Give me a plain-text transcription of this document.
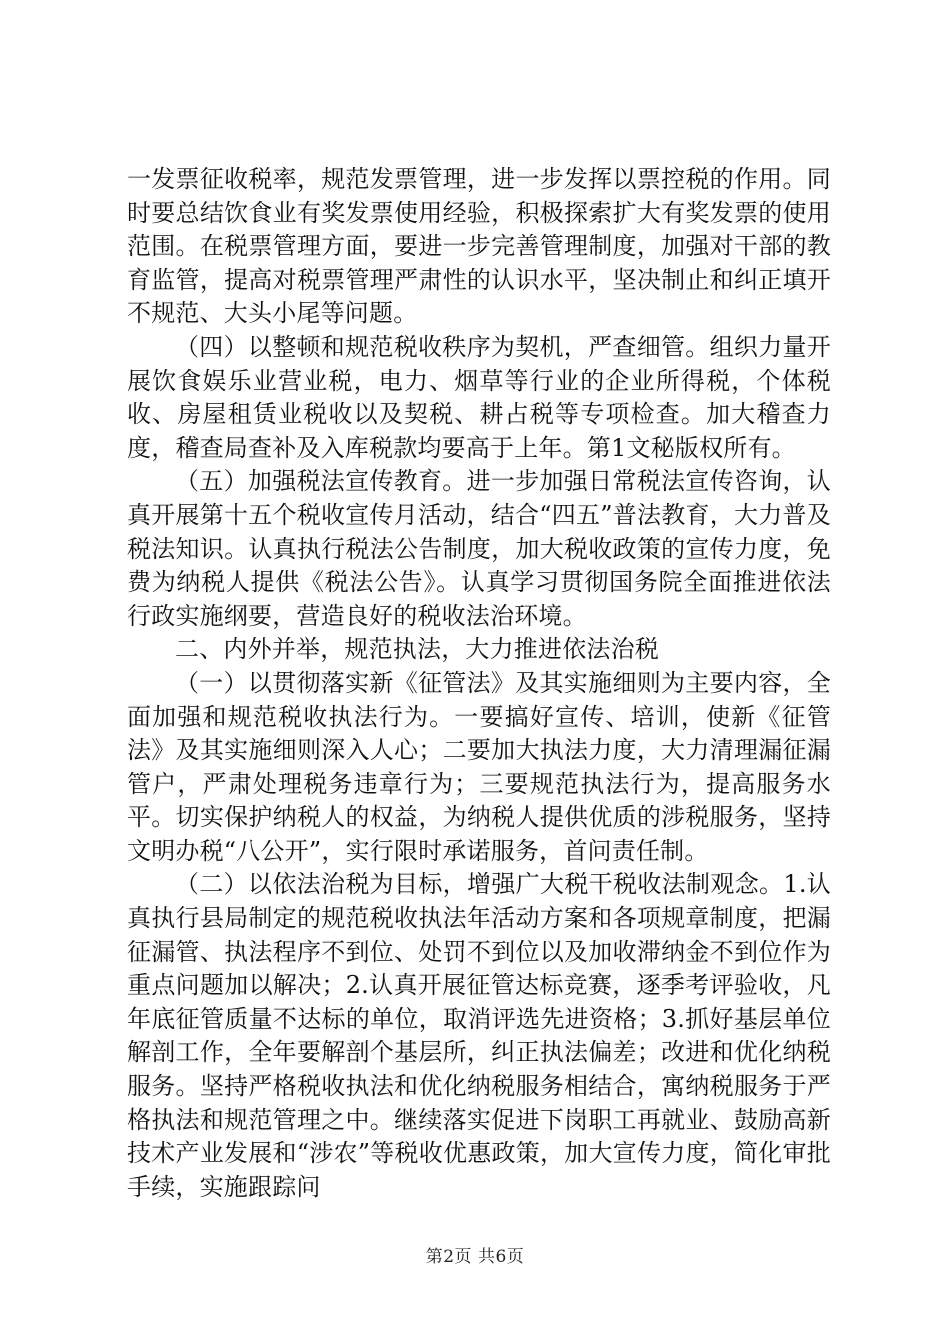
一发票征收税率，规范发票管理，进一步发挥以票控税的作用。同时要总结饮食业有奖发票使用经验，积极探索扩大有奖发票的使用范围。在税票管理方面，要进一步完善管理制度，加强对干部的教育监管，提高对税票管理严肃性的认识水平，坚决制止和纠正填开不规范、大头小尾等问题。

（四）以整顿和规范税收秩序为契机，严查细管。组织力量开展饮食娱乐业营业税，电力、烟草等行业的企业所得税，个体税收、房屋租赁业税收以及契税、耕占税等专项检查。加大稽查力度，稽查局查补及入库税款均要高于上年。第1文秘版权所有。

（五）加强税法宣传教育。进一步加强日常税法宣传咨询，认真开展第十五个税收宣传月活动，结合“四五”普法教育，大力普及税法知识。认真执行税法公告制度，加大税收政策的宣传力度，免费为纳税人提供《税法公告》。认真学习贯彻国务院全面推进依法行政实施纲要，营造良好的税收法治环境。

二、内外并举，规范执法，大力推进依法治税

（一）以贯彻落实新《征管法》及其实施细则为主要内容，全面加强和规范税收执法行为。一要搞好宣传、培训，使新《征管法》及其实施细则深入人心；二要加大执法力度，大力清理漏征漏管户，严肃处理税务违章行为；三要规范执法行为，提高服务水平。切实保护纳税人的权益，为纳税人提供优质的涉税服务，坚持文明办税“八公开”，实行限时承诺服务，首问责任制。

（二）以依法治税为目标，增强广大税干税收法制观念。1.认真执行县局制定的规范税收执法年活动方案和各项规章制度，把漏征漏管、执法程序不到位、处罚不到位以及加收滞纳金不到位作为重点问题加以解决；2.认真开展征管达标竞赛，逐季考评验收，凡年底征管质量不达标的单位，取消评选先进资格；3.抓好基层单位解剖工作，全年要解剖个基层所，纠正执法偏差；改进和优化纳税服务。坚持严格税收执法和优化纳税服务相结合，寓纳税服务于严格执法和规范管理之中。继续落实促进下岗职工再就业、鼓励高新技术产业发展和“涉农”等税收优惠政策，加大宣传力度，简化审批手续，实施跟踪问

第2页 共6页
